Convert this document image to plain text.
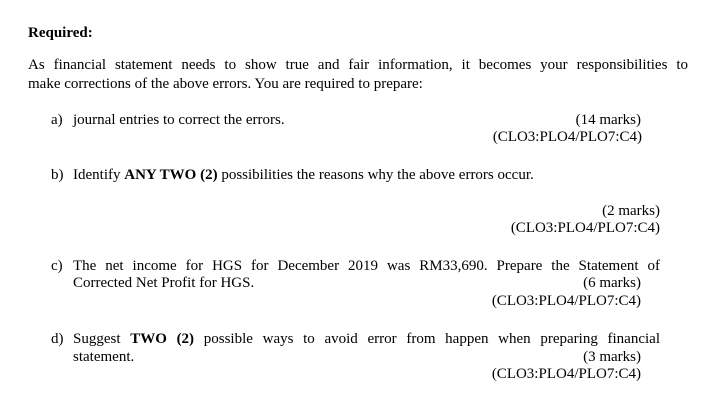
Required:
As financial statement needs to show true and fair information, it becomes your responsibilities to
make corrections of the above errors. You are required to prepare:
a) journal entries to correct the errors.	(14 marks)
(CLO3:PLO4/PLO7:C4)
b) Identify ANY TWO (2) possibilities the reasons why the above errors occur.
(2 marks)
(CLO3:PLO4/PLO7:C4)
c) The net income for HGS for December 2019 was RM33,690. Prepare the Statement of
Corrected Net Profit for HGS.	(6 marks)
(CLO3:PLO4/PLO7:C4)
d) Suggest TWO (2) possible ways to avoid error from happen when preparing financial
statement.	(3 marks)
(CLO3:PLO4/PLO7:C4)
